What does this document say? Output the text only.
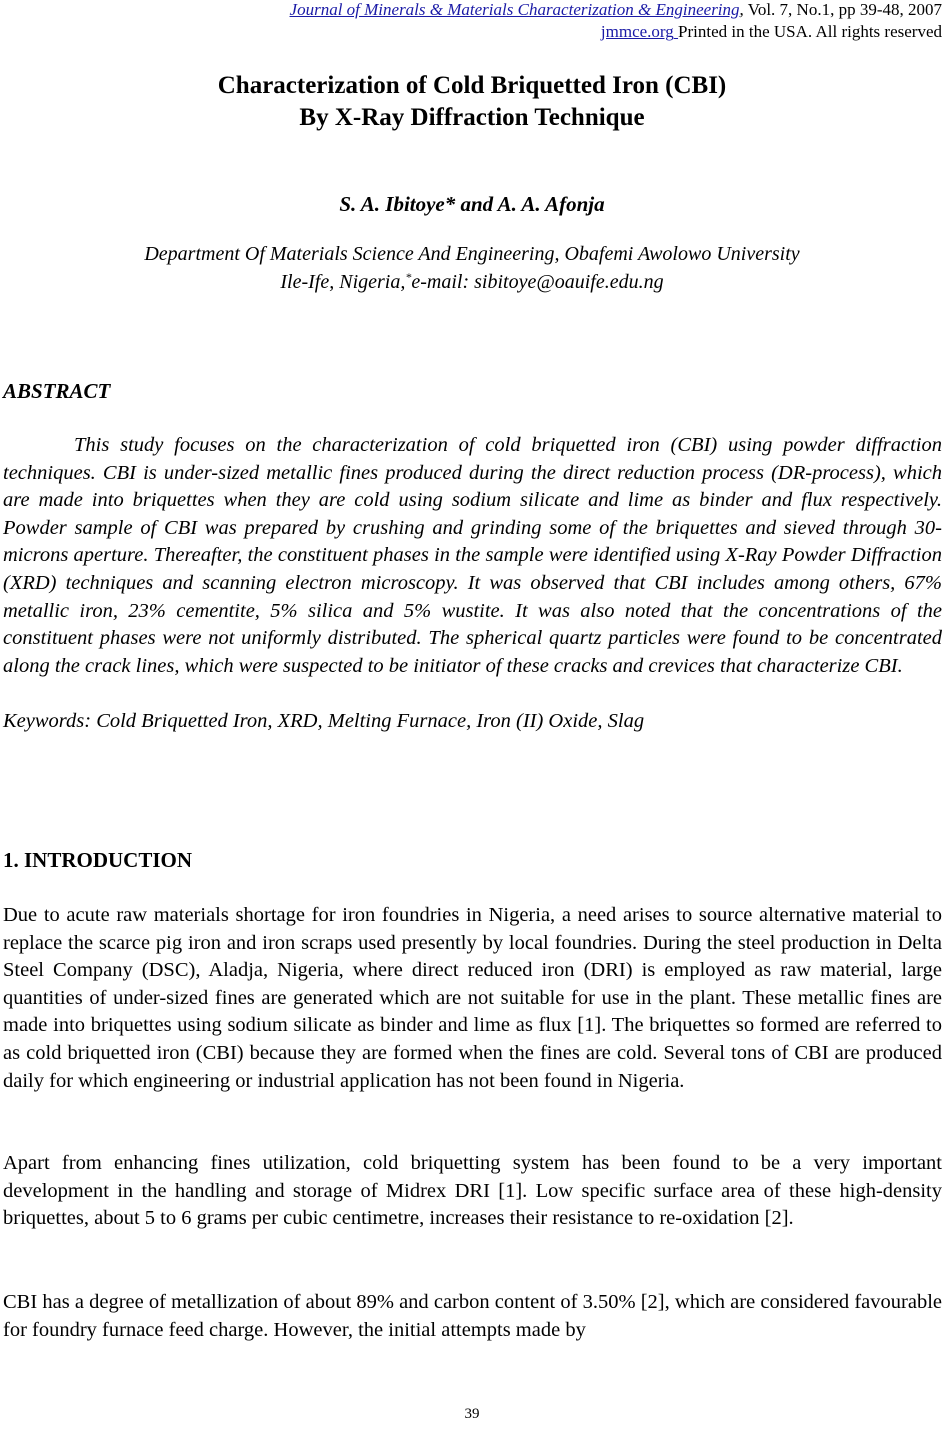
Journal of Minerals & Materials Characterization & Engineering, Vol. 7, No.1, pp 39-48, 2007
jmmce.org Printed in the USA. All rights reserved
Characterization of Cold Briquetted Iron (CBI)
By X-Ray Diffraction Technique
S. A. Ibitoye* and A. A. Afonja
Department Of Materials Science And Engineering, Obafemi Awolowo University
Ile-Ife, Nigeria,*e-mail: sibitoye@oauife.edu.ng
ABSTRACT
This study focuses on the characterization of cold briquetted iron (CBI) using powder diffraction techniques. CBI is under-sized metallic fines produced during the direct reduction process (DR-process), which are made into briquettes when they are cold using sodium silicate and lime as binder and flux respectively. Powder sample of CBI was prepared by crushing and grinding some of the briquettes and sieved through 30-microns aperture. Thereafter, the constituent phases in the sample were identified using X-Ray Powder Diffraction (XRD) techniques and scanning electron microscopy. It was observed that CBI includes among others, 67% metallic iron, 23% cementite, 5% silica and 5% wustite. It was also noted that the concentrations of the constituent phases were not uniformly distributed. The spherical quartz particles were found to be concentrated along the crack lines, which were suspected to be initiator of these cracks and crevices that characterize CBI.
Keywords: Cold Briquetted Iron, XRD, Melting Furnace, Iron (II) Oxide, Slag
1. INTRODUCTION
Due to acute raw materials shortage for iron foundries in Nigeria, a need arises to source alternative material to replace the scarce pig iron and iron scraps used presently by local foundries. During the steel production in Delta Steel Company (DSC), Aladja, Nigeria, where direct reduced iron (DRI) is employed as raw material, large quantities of under-sized fines are generated which are not suitable for use in the plant. These metallic fines are made into briquettes using sodium silicate as binder and lime as flux [1]. The briquettes so formed are referred to as cold briquetted iron (CBI) because they are formed when the fines are cold. Several tons of CBI are produced daily for which engineering or industrial application has not been found in Nigeria.
Apart from enhancing fines utilization, cold briquetting system has been found to be a very important development in the handling and storage of Midrex DRI [1]. Low specific surface area of these high-density briquettes, about 5 to 6 grams per cubic centimetre, increases their resistance to re-oxidation [2].
CBI has a degree of metallization of about 89% and carbon content of 3.50% [2], which are considered favourable for foundry furnace feed charge. However, the initial attempts made by
39
